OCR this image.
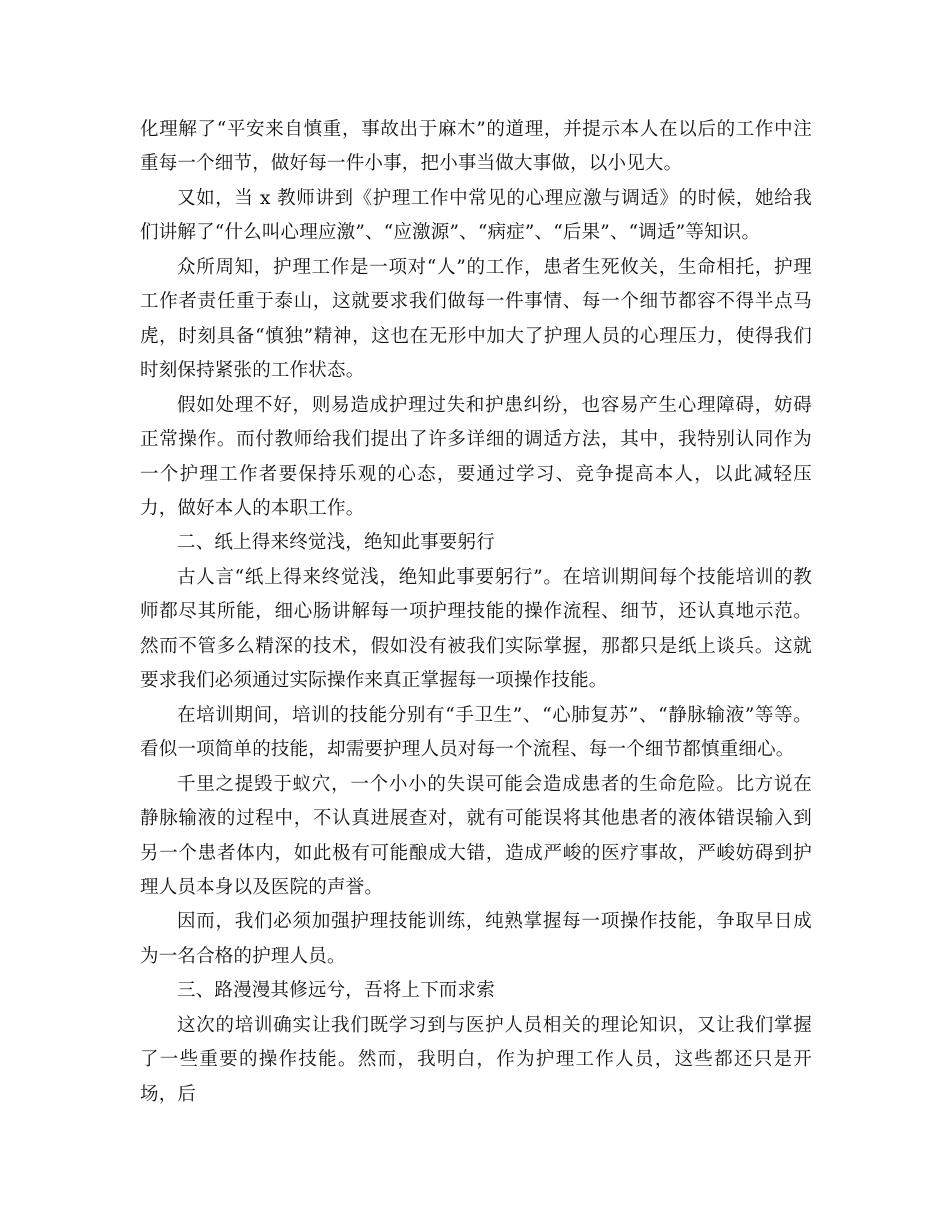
化理解了“平安来自慎重，事故出于麻木”的道理，并提示本人在以后的工作中注重每一个细节，做好每一件小事，把小事当做大事做，以小见大。

又如，当 x 教师讲到《护理工作中常见的心理应激与调适》的时候，她给我们讲解了“什么叫心理应激”、“应激源”、“病症”、“后果”、“调适”等知识。

众所周知，护理工作是一项对“人”的工作，患者生死攸关，生命相托，护理工作者责任重于泰山，这就要求我们做每一件事情、每一个细节都容不得半点马虎，时刻具备“慎独”精神，这也在无形中加大了护理人员的心理压力，使得我们时刻保持紧张的工作状态。

假如处理不好，则易造成护理过失和护患纠纷，也容易产生心理障碍，妨碍正常操作。而付教师给我们提出了许多详细的调适方法，其中，我特别认同作为一个护理工作者要保持乐观的心态，要通过学习、竞争提高本人，以此减轻压力，做好本人的本职工作。

二、纸上得来终觉浅，绝知此事要躬行

古人言“纸上得来终觉浅，绝知此事要躬行”。在培训期间每个技能培训的教师都尽其所能，细心肠讲解每一项护理技能的操作流程、细节，还认真地示范。然而不管多么精深的技术，假如没有被我们实际掌握，那都只是纸上谈兵。这就要求我们必须通过实际操作来真正掌握每一项操作技能。

在培训期间，培训的技能分别有“手卫生”、“心肺复苏”、“静脉输液”等等。看似一项简单的技能，却需要护理人员对每一个流程、每一个细节都慎重细心。

千里之提毁于蚁穴，一个小小的失误可能会造成患者的生命危险。比方说在静脉输液的过程中，不认真进展查对，就有可能误将其他患者的液体错误输入到另一个患者体内，如此极有可能酿成大错，造成严峻的医疗事故，严峻妨碍到护理人员本身以及医院的声誉。

因而，我们必须加强护理技能训练，纯熟掌握每一项操作技能，争取早日成为一名合格的护理人员。

三、路漫漫其修远兮，吾将上下而求索

这次的培训确实让我们既学习到与医护人员相关的理论知识，又让我们掌握了一些重要的操作技能。然而，我明白，作为护理工作人员，这些都还只是开场，后
